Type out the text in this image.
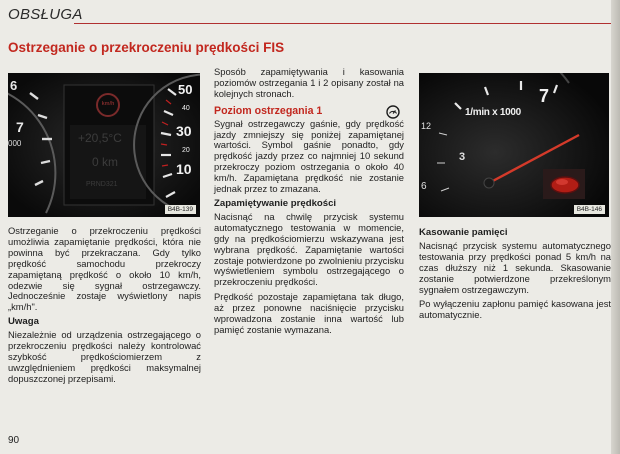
OBSŁUGA
Ostrzeganie o przekroczeniu prędkości FIS
6
7
000
km/h
+20,5°C
0 km
PRND321
50
40
30
20
10
B4B-139
7
1/min x 1000
12
3
6
B4B-146

Ostrzeganie o przekroczeniu prędkości umożliwia zapamiętanie prędkości, która nie powinna być przekraczana. Gdy tylko prędkość samochodu przekroczy zapamiętaną prędkość o około 10 km/h, odezwie się sygnał ostrzegawczy. Jednocześnie zostaje wyświetlony napis „km/h".

Uwaga

Niezależnie od urządzenia ostrzegającego o przekroczeniu prędkości należy kontrolować szybkość prędkościomierzem z uwzględnieniem prędkości maksymalnej dopuszczonej przepisami.

Sposób zapamiętywania i kasowania poziomów ostrzegania 1 i 2 opisany został na kolejnych stronach.

Poziom ostrzegania 1

Sygnał ostrzegawczy gaśnie, gdy prędkość jazdy zmniejszy się poniżej zapamiętanej wartości. Symbol gaśnie ponadto, gdy prędkość jazdy przez co najmniej 10 sekund przekroczy poziom ostrzegania o około 40 km/h. Zapamiętana prędkość nie zostanie jednak przez to zmazana.

Zapamiętywanie prędkości

Nacisnąć na chwilę przycisk systemu automatycznego testowania w momencie, gdy na prędkościomierzu wskazywana jest wybrana prędkość. Zapamiętanie wartości zostaje potwierdzone po zwolnieniu przycisku wyświetleniem symbolu ostrzegającego o przekroczeniu prędkości.

Prędkość pozostaje zapamiętana tak długo, aż przez ponowne naciśnięcie przycisku wprowadzona zostanie inna wartość lub pamięć zostanie wymazana.

Kasowanie pamięci

Nacisnąć przycisk systemu automatycznego testowania przy prędkości ponad 5 km/h na czas dłuższy niż 1 sekunda. Skasowanie zostanie potwierdzone przekreślonym sygnałem ostrzegawczym.

Po wyłączeniu zapłonu pamięć kasowana jest automatycznie.

90
